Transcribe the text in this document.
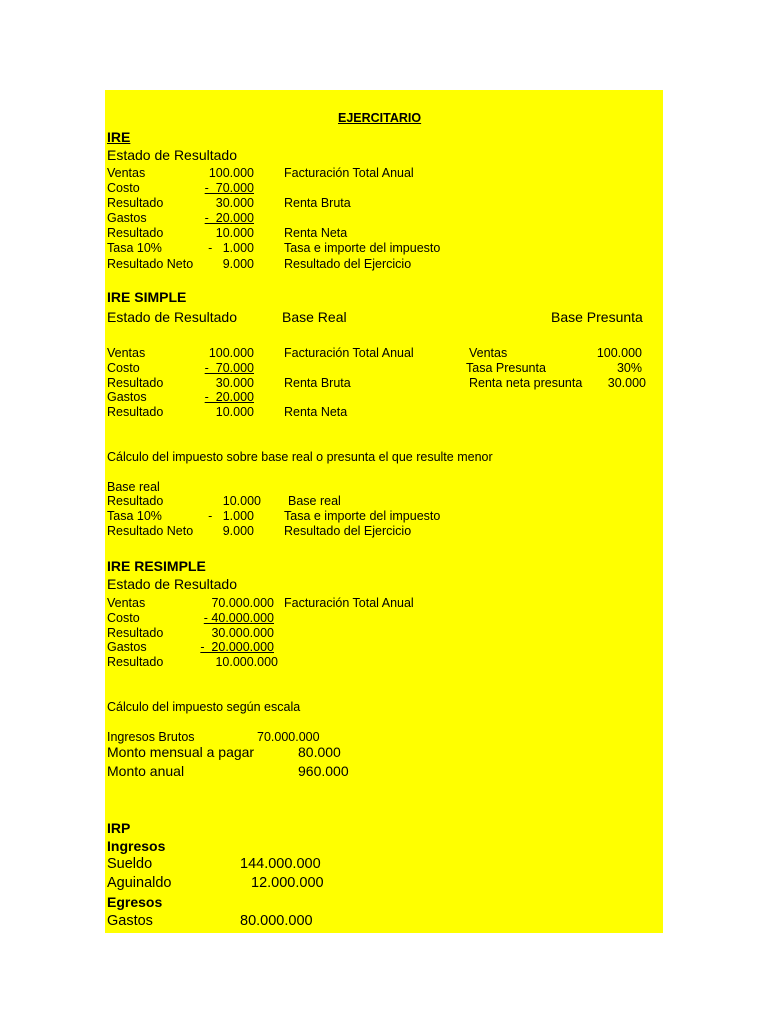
EJERCITARIO
IRE
Estado de Resultado
Ventas	100.000 Facturación Total Anual
Costo	-  70.000
Resultado	30.000 Renta Bruta
Gastos	-  20.000
Resultado	10.000 Renta Neta
Tasa 10%	-   1.000 Tasa e importe del impuesto
Resultado Neto 9.000 Resultado del Ejercicio
IRE SIMPLE
Estado de Resultado	Base Real	Base Presunta
Ventas	100.000 Facturación Total Anual	Ventas	100.000
Costo	-  70.000	Tasa Presunta	30%
Resultado	30.000 Renta Bruta	Renta neta presunta 30.000
Gastos	-  20.000
Resultado	10.000 Renta Neta
Cálculo del impuesto sobre base real o presunta el que resulte menor
Base real
Resultado	10.000 Base real
Tasa 10%	-   1.000 Tasa e importe del impuesto
Resultado Neto 9.000 Resultado del Ejercicio
IRE RESIMPLE
Estado de Resultado
Ventas	70.000.000 Facturación Total Anual
Costo	- 40.000.000
Resultado	30.000.000
Gastos	-  20.000.000
Resultado	10.000.000
Cálculo del impuesto según escala
Ingresos Brutos	70.000.000
Monto mensual a pagar	80.000
Monto anual	960.000
IRP
Ingresos
Sueldo	144.000.000
Aguinaldo	12.000.000
Egresos
Gastos	80.000.000
